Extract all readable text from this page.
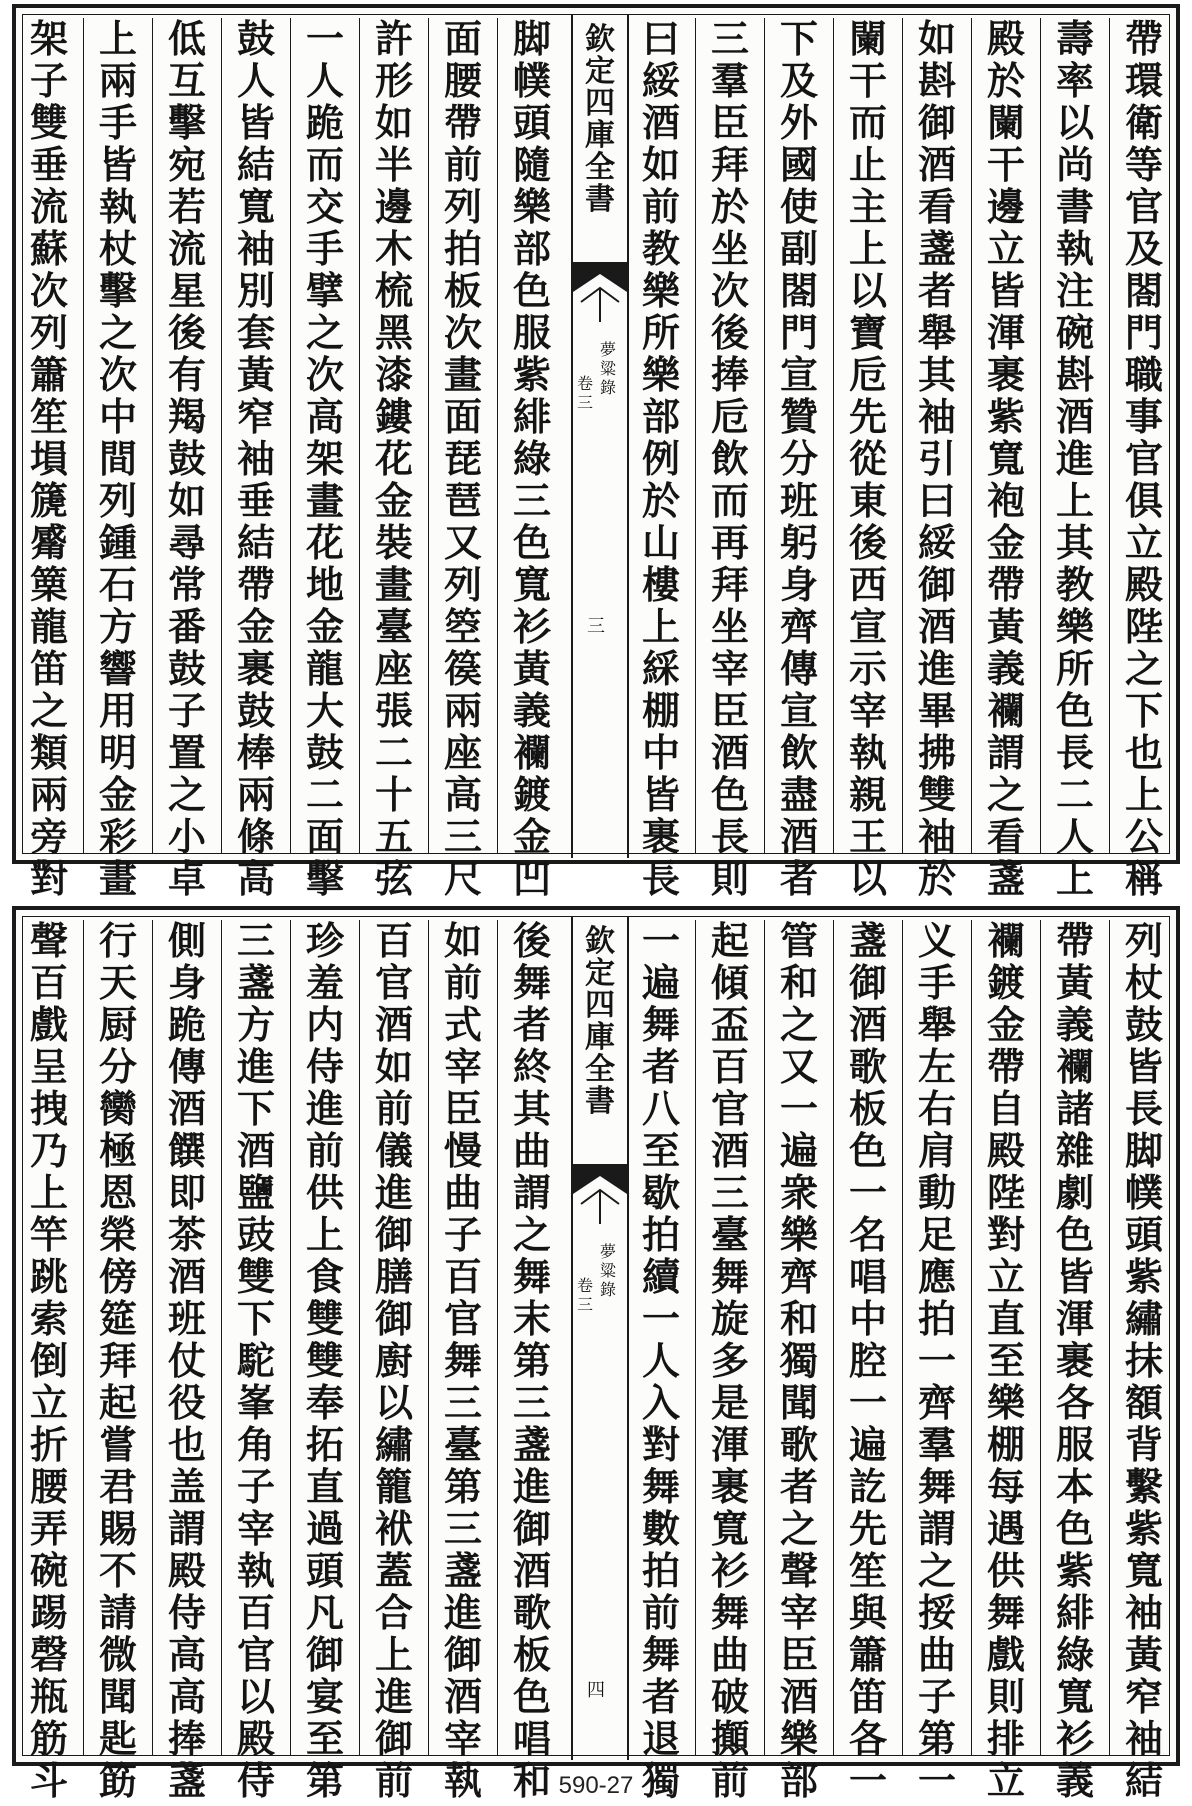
帶
環
衛
等
官
及
閤
門
職
事
官
俱
立
殿
陛
之
下
也
上
公
稱
壽
率
以
尚
書
執
注
碗
斟
酒
進
上
其
教
樂
所
色
長
二
人
上
殿
於
闌
干
邊
立
皆
渾
裹
紫
寬
袍
金
帶
黃
義
襴
謂
之
看
盞
如
斟
御
酒
看
盞
者
舉
其
袖
引
曰
綏
御
酒
進
畢
拂
雙
袖
於
闌
干
而
止
主
上
以
寶
卮
先
從
東
後
西
宣
示
宰
執
親
王
以
下
及
外
國
使
副
閤
門
宣
贊
分
班
躬
身
齊
傳
宣
飲
盡
酒
者
三
羣
臣
拜
於
坐
次
後
捧
卮
飲
而
再
拜
坐
宰
臣
酒
色
長
則
曰
綏
酒
如
前
教
樂
所
樂
部
例
於
山
樓
上
綵
棚
中
皆
裹
長
脚
幞
頭
隨
樂
部
色
服
紫
緋
綠
三
色
寬
衫
黃
義
襴
鍍
金
凹
面
腰
帶
前
列
拍
板
次
畫
面
琵
琶
又
列
箜
篌
兩
座
高
三
尺
許
形
如
半
邊
木
梳
黑
漆
鏤
花
金
裝
畫
臺
座
張
二
十
五
弦
一
人
跪
而
交
手
擘
之
次
高
架
畫
花
地
金
龍
大
鼓
二
面
擊
鼓
人
皆
結
寬
袖
別
套
黃
窄
袖
垂
結
帶
金
裹
鼓
棒
兩
條
高
低
互
擊
宛
若
流
星
後
有
羯
鼓
如
尋
常
番
鼓
子
置
之
小
卓
上
兩
手
皆
執
杖
擊
之
次
中
間
列
鍾
石
方
響
用
明
金
彩
畫
架
子
雙
垂
流
蘇
次
列
簫
笙
塤
篪
觱
篥
龍
笛
之
類
兩
旁
對
欽
定
四
庫
全
書
夢
粱
錄
卷
三
三
列
杖
鼓
皆
長
脚
幞
頭
紫
繡
抹
額
背
繫
紫
寬
袖
黃
窄
袖
結
帶
黃
義
襴
諸
雜
劇
色
皆
渾
裹
各
服
本
色
紫
緋
綠
寬
衫
義
襴
鍍
金
帶
自
殿
陛
對
立
直
至
樂
棚
每
遇
供
舞
戲
則
排
立
义
手
舉
左
右
肩
動
足
應
拍
一
齊
羣
舞
謂
之
挼
曲
子
第
一
盞
御
酒
歌
板
色
一
名
唱
中
腔
一
遍
訖
先
笙
與
簫
笛
各
一
管
和
之
又
一
遍
衆
樂
齊
和
獨
聞
歌
者
之
聲
宰
臣
酒
樂
部
起
傾
盃
百
官
酒
三
臺
舞
旋
多
是
渾
裹
寬
衫
舞
曲
破
攧
前
一
遍
舞
者
八
至
歇
拍
續
一
人
入
對
舞
數
拍
前
舞
者
退
獨
後
舞
者
終
其
曲
謂
之
舞
末
第
三
盞
進
御
酒
歌
板
色
唱
和
如
前
式
宰
臣
慢
曲
子
百
官
舞
三
臺
第
三
盞
進
御
酒
宰
執
百
官
酒
如
前
儀
進
御
膳
御
廚
以
繡
籠
袱
蓋
合
上
進
御
前
珍
羞
内
侍
進
前
供
上
食
雙
雙
奉
拓
直
過
頭
凡
御
宴
至
第
三
盞
方
進
下
酒
鹽
豉
雙
下
駝
峯
角
子
宰
執
百
官
以
殿
侍
側
身
跪
傳
酒
饌
即
茶
酒
班
仗
役
也
盖
謂
殿
侍
高
高
捧
盞
行
天
厨
分
臠
極
恩
榮
傍
筵
拜
起
嘗
君
賜
不
請
微
聞
匙
筯
聲
百
戲
呈
拽
乃
上
竿
跳
索
倒
立
折
腰
弄
碗
踢
磬
瓶
筋
斗
欽
定
四
庫
全
書
夢
粱
錄
卷
三
四
590-27
